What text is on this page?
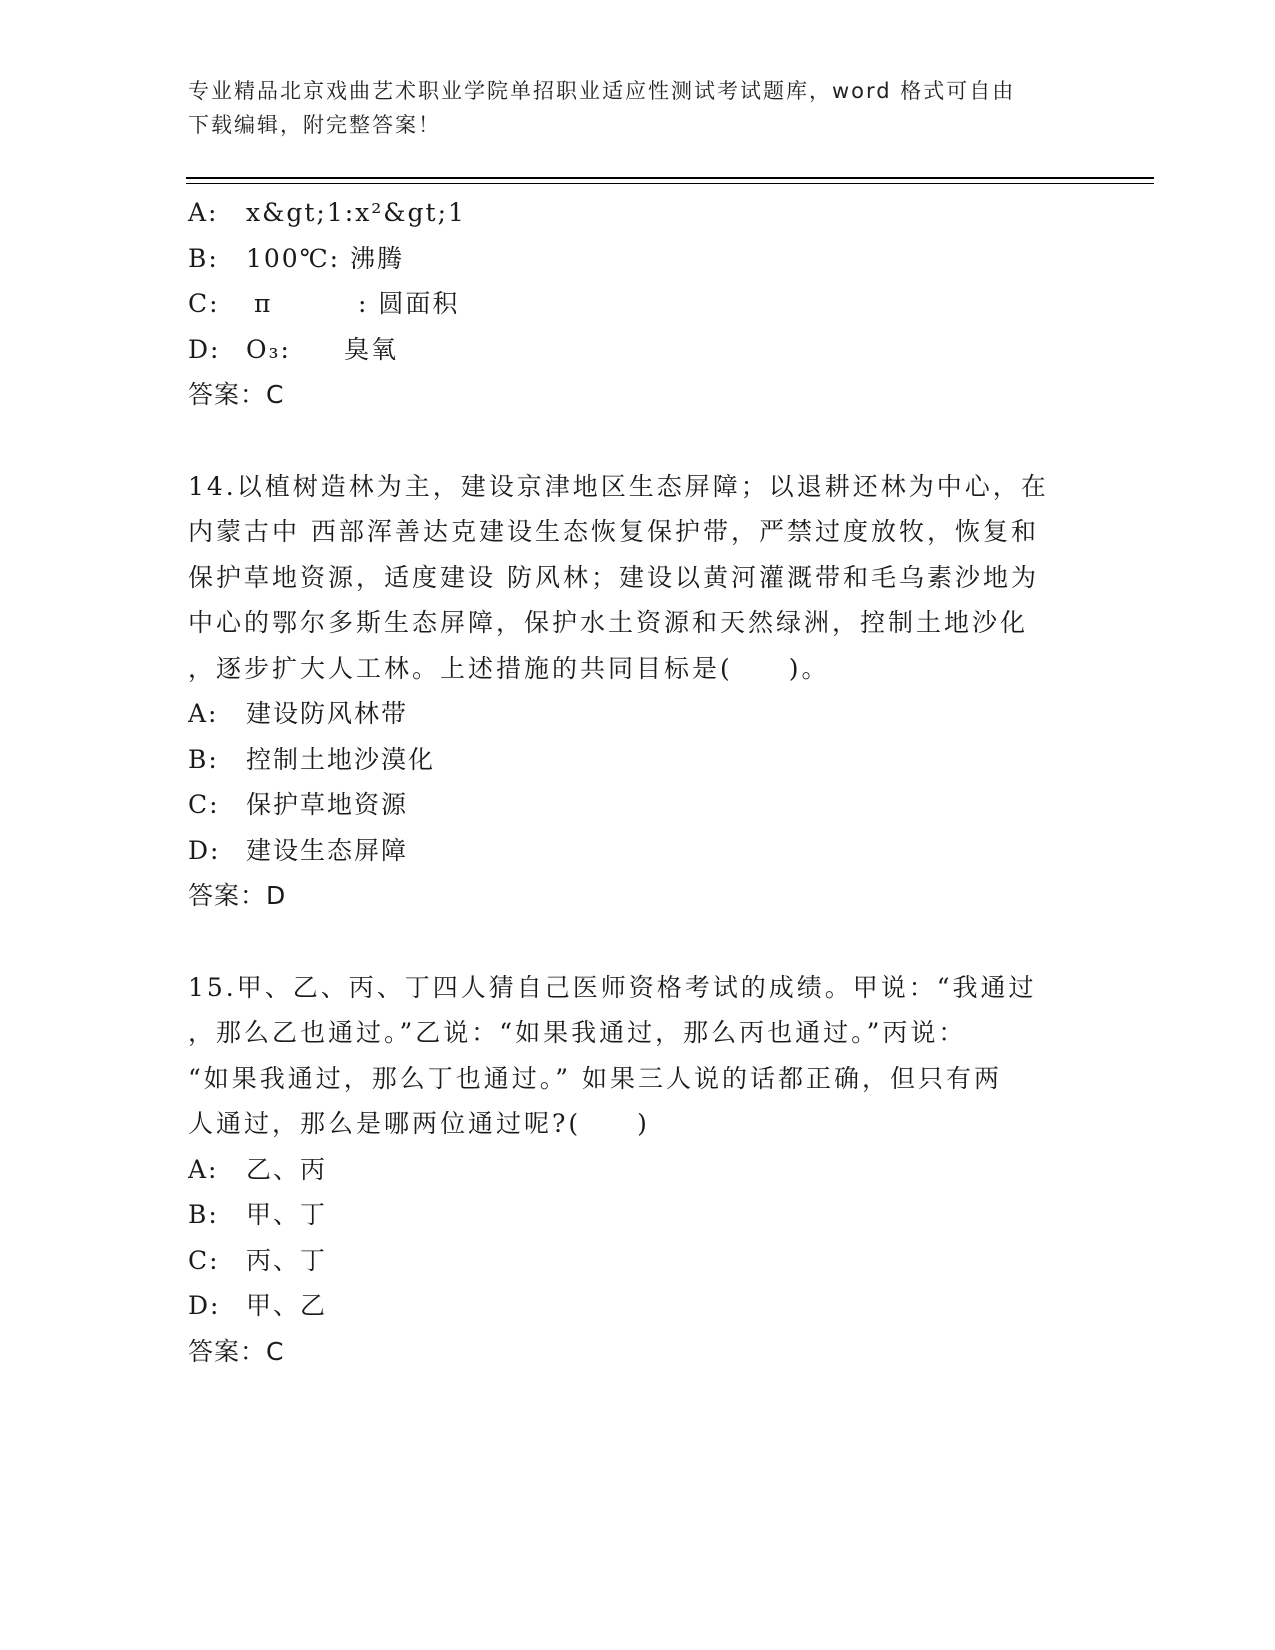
专业精品北京戏曲艺术职业学院单招职业适应性测试考试题库，word 格式可自由
下载编辑，附完整答案！
A:	x&gt;1:x²&gt;1
B:	100℃: 沸腾
C:	π	: 圆面积
D:	O₃:	臭氧
答案：C
14.以植树造林为主，建设京津地区生态屏障；以退耕还林为中心，在
内蒙古中 西部浑善达克建设生态恢复保护带，严禁过度放牧，恢复和
保护草地资源，适度建设 防风林；建设以黄河灌溉带和毛乌素沙地为
中心的鄂尔多斯生态屏障，保护水土资源和天然绿洲，控制土地沙化
，逐步扩大人工林。上述措施的共同目标是(　　)。
A:	建设防风林带
B:	控制土地沙漠化
C:	保护草地资源
D:	建设生态屏障
答案：D
15.甲、乙、丙、丁四人猜自己医师资格考试的成绩。甲说：“我通过
，那么乙也通过。”乙说：“如果我通过，那么丙也通过。”丙说：
“如果我通过，那么丁也通过。” 如果三人说的话都正确，但只有两
人通过，那么是哪两位通过呢?(　　)
A:	乙、丙
B:	甲、丁
C:	丙、丁
D:	甲、乙
答案：C
